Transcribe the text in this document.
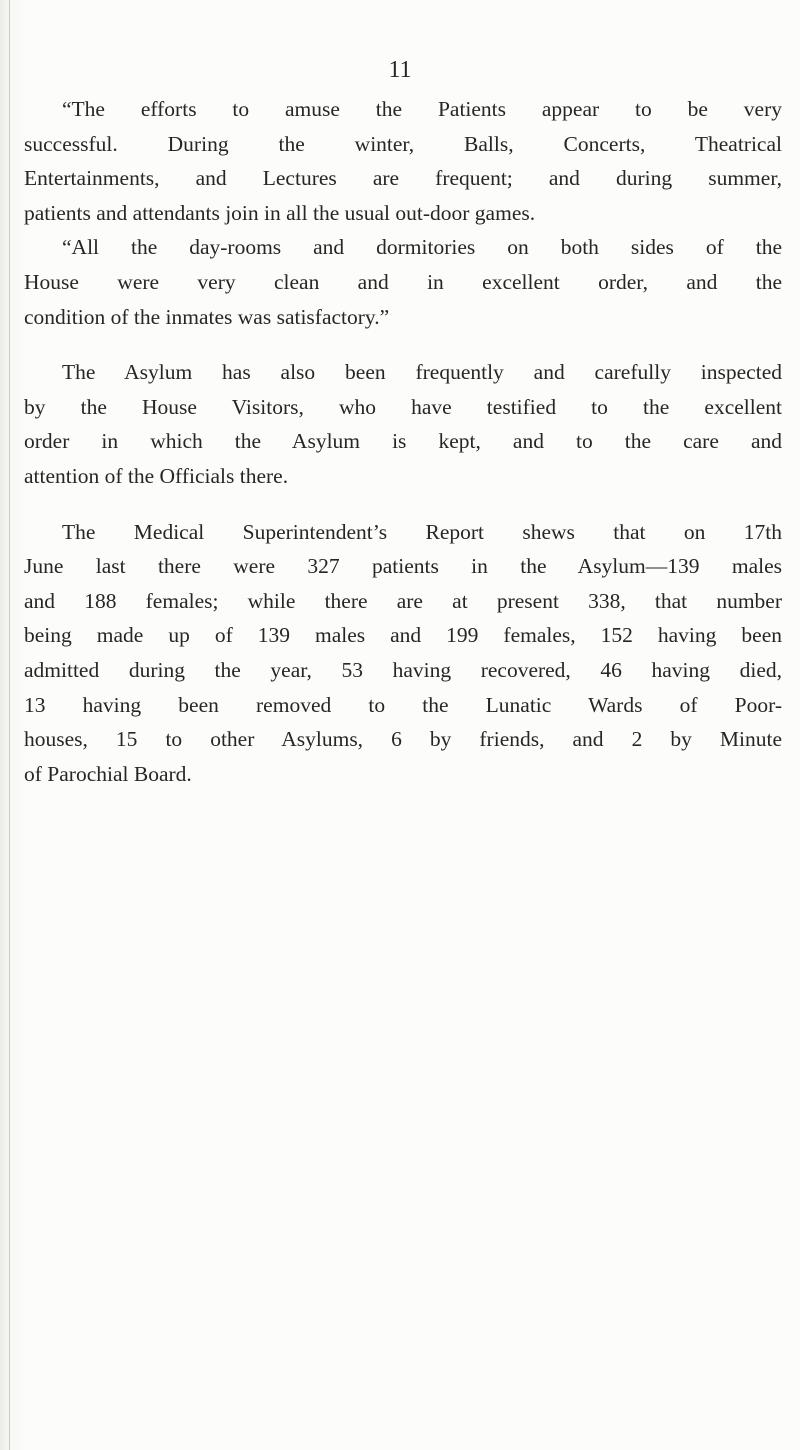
11
“The efforts to amuse the Patients appear to be very
successful. During the winter, Balls, Concerts, Theatrical
Entertainments, and Lectures are frequent; and during summer,
patients and attendants join in all the usual out-door games.
“All the day-rooms and dormitories on both sides of the
House were very clean and in excellent order, and the
condition of the inmates was satisfactory.”
The Asylum has also been frequently and carefully inspected
by the House Visitors, who have testified to the excellent
order in which the Asylum is kept, and to the care and
attention of the Officials there.
The Medical Superintendent’s Report shews that on 17th
June last there were 327 patients in the Asylum—139 males
and 188 females; while there are at present 338, that number
being made up of 139 males and 199 females, 152 having been
admitted during the year, 53 having recovered, 46 having died,
13 having been removed to the Lunatic Wards of Poor-
houses, 15 to other Asylums, 6 by friends, and 2 by Minute
of Parochial Board.
